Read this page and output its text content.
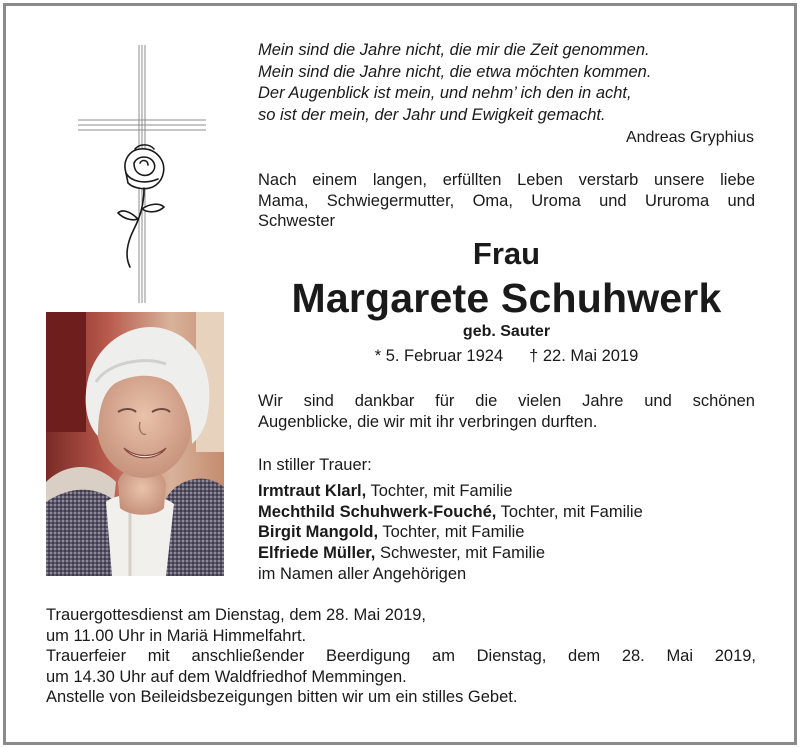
Mein sind die Jahre nicht, die mir die Zeit genommen.
Mein sind die Jahre nicht, die etwa möchten kommen.
Der Augenblick ist mein, und nehm’ ich den in acht,
so ist der mein, der Jahr und Ewigkeit gemacht.
Andreas Gryphius
Nach einem langen, erfüllten Leben verstarb unsere liebe
Mama, Schwiegermutter, Oma, Uroma und Ururoma und
Schwester
Frau
Margarete Schuhwerk
geb. Sauter
* 5. Februar 1924 † 22. Mai 2019
Wir sind dankbar für die vielen Jahre und schönen
Augenblicke, die wir mit ihr verbringen durften.
In stiller Trauer:
Irmtraut Klarl, Tochter, mit Familie
Mechthild Schuhwerk-Fouché, Tochter, mit Familie
Birgit Mangold, Tochter, mit Familie
Elfriede Müller, Schwester, mit Familie
im Namen aller Angehörigen
Trauergottesdienst am Dienstag, dem 28. Mai 2019,
um 11.00 Uhr in Mariä Himmelfahrt.
Trauerfeier mit anschließender Beerdigung am Dienstag, dem 28. Mai 2019,
um 14.30 Uhr auf dem Waldfriedhof Memmingen.
Anstelle von Beileidsbezeigungen bitten wir um ein stilles Gebet.
